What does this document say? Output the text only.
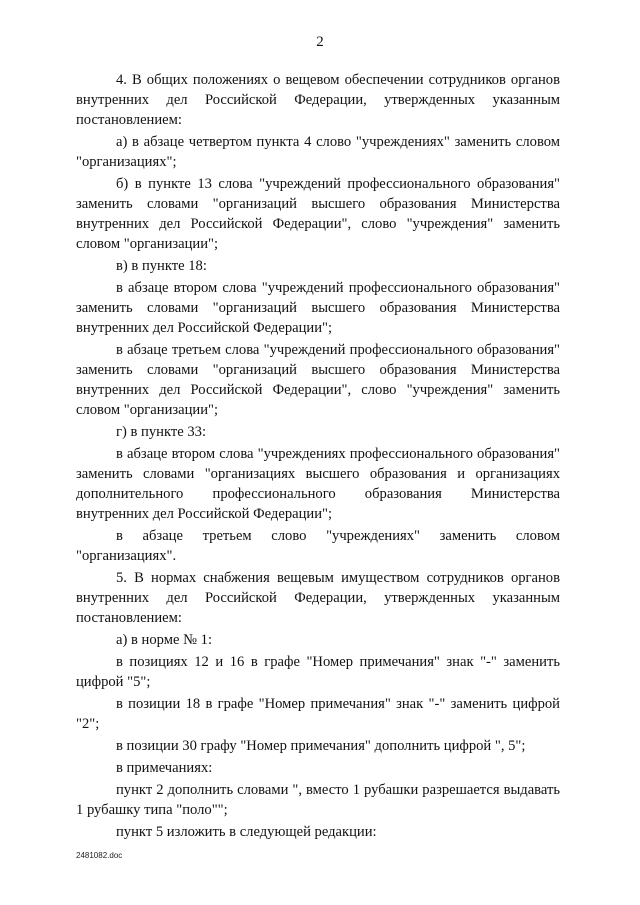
2

4. В общих положениях о вещевом обеспечении сотрудников органов внутренних дел Российской Федерации, утвержденных указанным постановлением:

а) в абзаце четвертом пункта 4 слово "учреждениях" заменить словом "организациях";

б) в пункте 13 слова "учреждений профессионального образования" заменить словами "организаций высшего образования Министерства внутренних дел Российской Федерации", слово "учреждения" заменить словом "организации";

в) в пункте 18:

в абзаце втором слова "учреждений профессионального образования" заменить словами "организаций высшего образования Министерства внутренних дел Российской Федерации";

в абзаце третьем слова "учреждений профессионального образования" заменить словами "организаций высшего образования Министерства внутренних дел Российской Федерации", слово "учреждения" заменить словом "организации";

г) в пункте 33:

в абзаце втором слова "учреждениях профессионального образования" заменить словами "организациях высшего образования и организациях дополнительного профессионального образования Министерства внутренних дел Российской Федерации";

в абзаце третьем слово "учреждениях" заменить словом "организациях".

5. В нормах снабжения вещевым имуществом сотрудников органов внутренних дел Российской Федерации, утвержденных указанным постановлением:

а) в норме № 1:

в позициях 12 и 16 в графе "Номер примечания" знак "-" заменить цифрой "5";

в позиции 18 в графе "Номер примечания" знак "-" заменить цифрой "2";

в позиции 30 графу "Номер примечания" дополнить цифрой ", 5";

в примечаниях:

пункт 2 дополнить словами ", вместо 1 рубашки разрешается выдавать 1 рубашку типа "поло"";

пункт 5 изложить в следующей редакции:

2481082.doc
